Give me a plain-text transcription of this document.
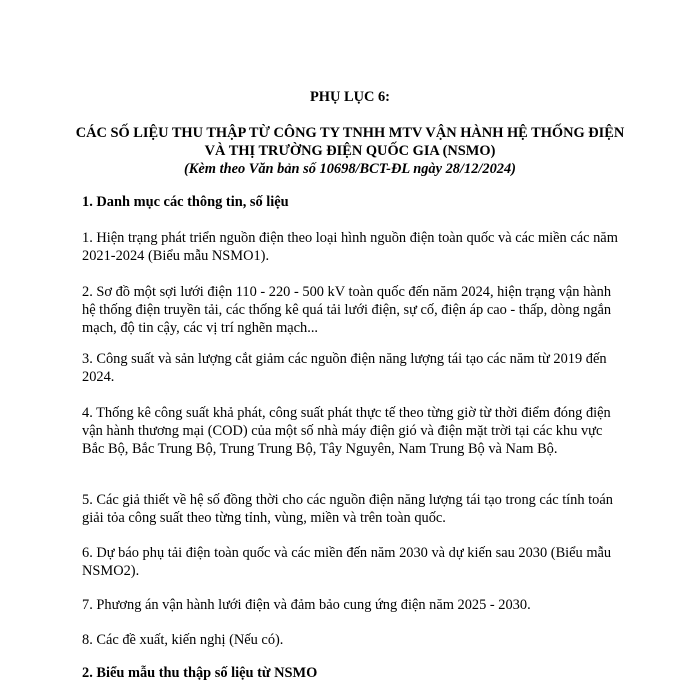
PHỤ LỤC 6:
CÁC SỐ LIỆU THU THẬP TỪ CÔNG TY TNHH MTV VẬN HÀNH HỆ THỐNG ĐIỆN VÀ THỊ TRƯỜNG ĐIỆN QUỐC GIA (NSMO)
(Kèm theo Văn bản số 10698/BCT-ĐL ngày 28/12/2024)
1. Danh mục các thông tin, số liệu

1. Hiện trạng phát triển nguồn điện theo loại hình nguồn điện toàn quốc và các miền các năm 2021-2024 (Biểu mẫu NSMO1).

2. Sơ đồ một sợi lưới điện 110 - 220 - 500 kV toàn quốc đến năm 2024, hiện trạng vận hành hệ thống điện truyền tải, các thống kê quá tải lưới điện, sự cố, điện áp cao - thấp, dòng ngắn mạch, độ tin cậy, các vị trí nghẽn mạch...

3. Công suất và sản lượng cắt giảm các nguồn điện năng lượng tái tạo các năm từ 2019 đến 2024.

4. Thống kê công suất khả phát, công suất phát thực tế theo từng giờ từ thời điểm đóng điện vận hành thương mại (COD) của một số nhà máy điện gió và điện mặt trời tại các khu vực Bắc Bộ, Bắc Trung Bộ, Trung Trung Bộ, Tây Nguyên, Nam Trung Bộ và Nam Bộ.

5. Các giả thiết về hệ số đồng thời cho các nguồn điện năng lượng tái tạo trong các tính toán giải tỏa công suất theo từng tỉnh, vùng, miền và trên toàn quốc.

6. Dự báo phụ tải điện toàn quốc và các miền đến năm 2030 và dự kiến sau 2030 (Biểu mẫu NSMO2).

7. Phương án vận hành lưới điện và đảm bảo cung ứng điện năm 2025 - 2030.

8. Các đề xuất, kiến nghị (Nếu có).

2. Biểu mẫu thu thập số liệu từ NSMO
